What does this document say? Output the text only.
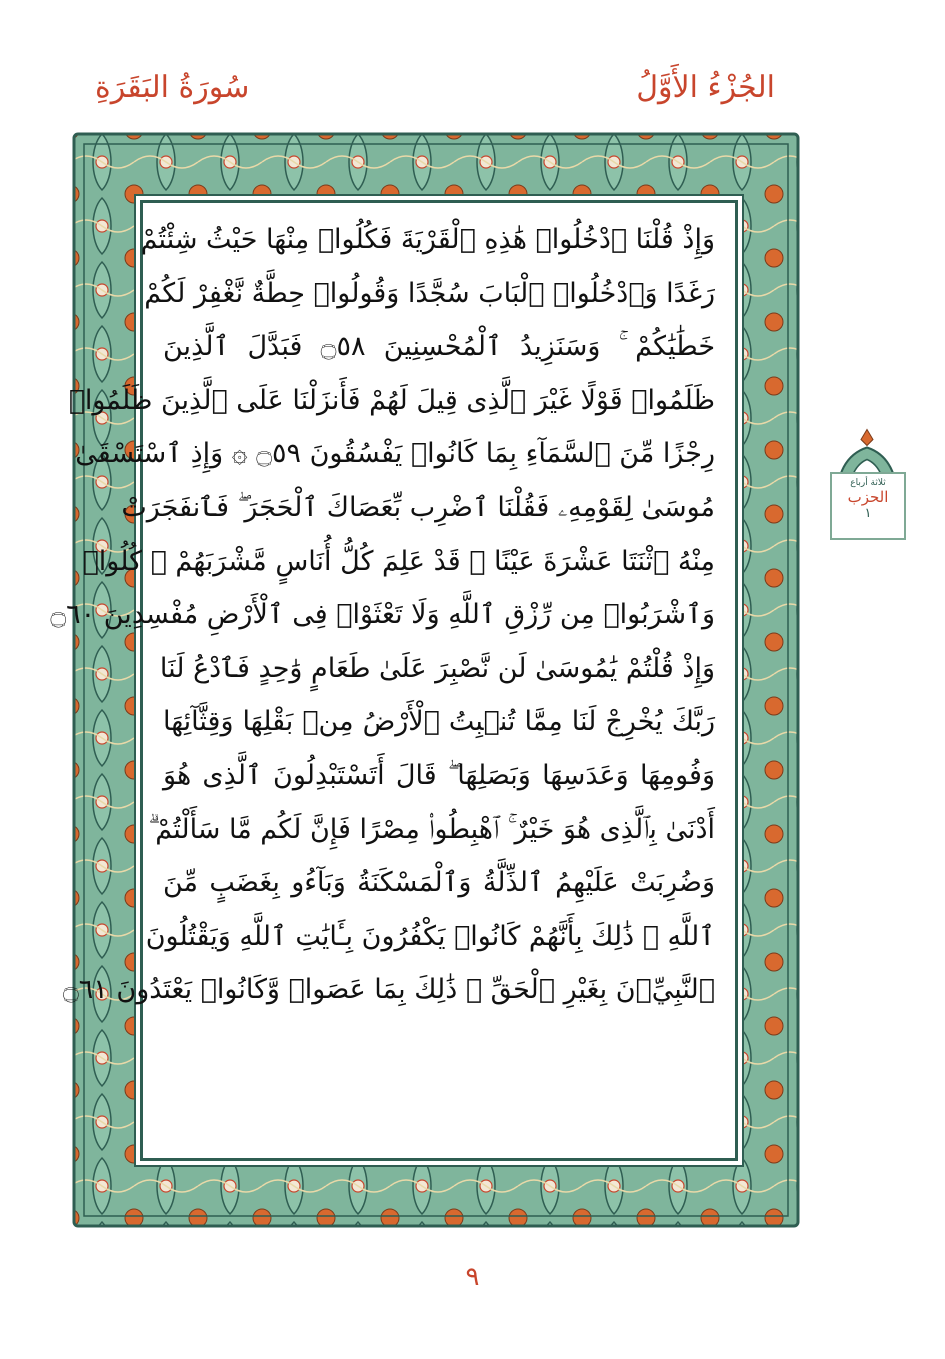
سُورَةُ البَقَرَةِ	الجُزْءُ الأَوَّلُ
وَإِذْ قُلْنَا ٱدْخُلُوا۟ هَٰذِهِ ٱلْقَرْيَةَ فَكُلُوا۟ مِنْهَا حَيْثُ شِئْتُمْ
رَغَدًا وَٱدْخُلُوا۟ ٱلْبَابَ سُجَّدًا وَقُولُوا۟ حِطَّةٌ نَّغْفِرْ لَكُمْ
خَطَٰيَٰكُمْ ۚ وَسَنَزِيدُ ٱلْمُحْسِنِينَ ۝٥٨ فَبَدَّلَ ٱلَّذِينَ
ظَلَمُوا۟ قَوْلًا غَيْرَ ٱلَّذِى قِيلَ لَهُمْ فَأَنزَلْنَا عَلَى ٱلَّذِينَ ظَلَمُوا۟
رِجْزًا مِّنَ ٱلسَّمَآءِ بِمَا كَانُوا۟ يَفْسُقُونَ ۝٥٩ ۞ وَإِذِ ٱسْتَسْقَىٰ
مُوسَىٰ لِقَوْمِهِۦ فَقُلْنَا ٱضْرِب بِّعَصَاكَ ٱلْحَجَرَ ۖ فَٱنفَجَرَتْ
مِنْهُ ٱثْنَتَا عَشْرَةَ عَيْنًا ۖ قَدْ عَلِمَ كُلُّ أُنَاسٍ مَّشْرَبَهُمْ ۖ كُلُوا۟
وَٱشْرَبُوا۟ مِن رِّزْقِ ٱللَّهِ وَلَا تَعْثَوْا۟ فِى ٱلْأَرْضِ مُفْسِدِينَ ۝٦٠
وَإِذْ قُلْتُمْ يَٰمُوسَىٰ لَن نَّصْبِرَ عَلَىٰ طَعَامٍ وَٰحِدٍ فَٱدْعُ لَنَا
رَبَّكَ يُخْرِجْ لَنَا مِمَّا تُنۢبِتُ ٱلْأَرْضُ مِنۢ بَقْلِهَا وَقِثَّآئِهَا
وَفُومِهَا وَعَدَسِهَا وَبَصَلِهَا ۖ قَالَ أَتَسْتَبْدِلُونَ ٱلَّذِى هُوَ
أَدْنَىٰ بِٱلَّذِى هُوَ خَيْرٌ ۚ ٱهْبِطُوا۟ مِصْرًا فَإِنَّ لَكُم مَّا سَأَلْتُمْ ۗ
وَضُرِبَتْ عَلَيْهِمُ ٱلذِّلَّةُ وَٱلْمَسْكَنَةُ وَبَآءُو بِغَضَبٍ مِّنَ
ٱللَّهِ ۗ ذَٰلِكَ بِأَنَّهُمْ كَانُوا۟ يَكْفُرُونَ بِـَٔايَٰتِ ٱللَّهِ وَيَقْتُلُونَ
ٱلنَّبِيِّۦنَ بِغَيْرِ ٱلْحَقِّ ۗ ذَٰلِكَ بِمَا عَصَوا۟ وَّكَانُوا۟ يَعْتَدُونَ ۝٦١
ثلاثة أرباع
الحزب
١
٩
